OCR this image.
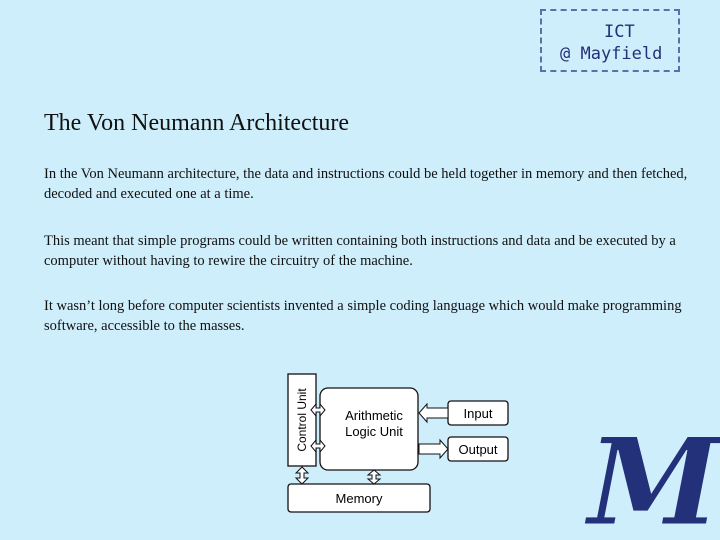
ICT
@ Mayfield
The Von Neumann Architecture

In the Von Neumann architecture, the data and instructions could be held together in memory and then fetched, decoded and executed one at a time.

This meant that simple programs could be written containing both instructions and data and be executed by a computer without having to rewire the circuitry of the machine.

It wasn’t long before computer scientists invented a simple coding language which would make programming software, accessible to the masses.

Control Unit	Arithmetic
Logic Unit
Input
Output
Memory M
